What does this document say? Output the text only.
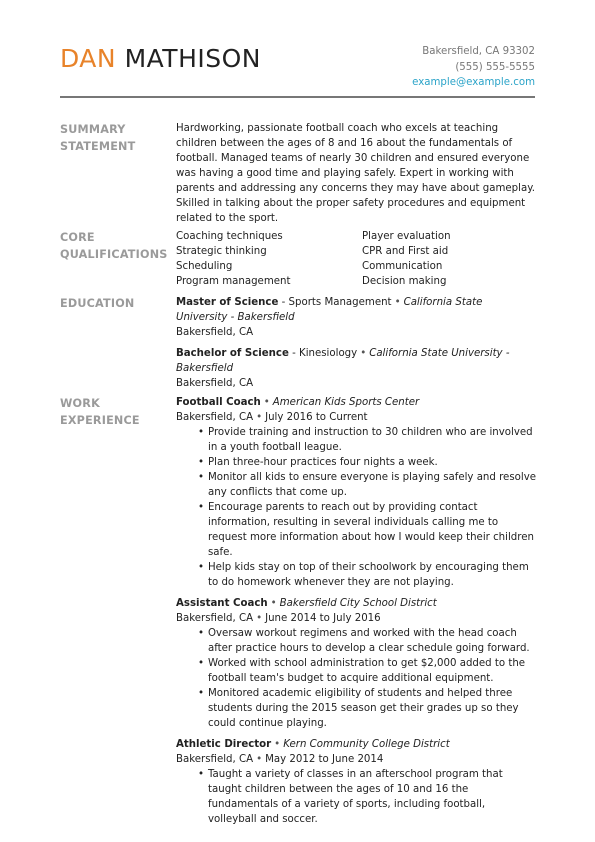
DAN MATHISON	Bakersfield, CA 93302
(555) 555-5555
example@example.com
SUMMARY STATEMENT

Hardworking, passionate football coach who excels at teaching children between the ages of 8 and 16 about the fundamentals of football. Managed teams of nearly 30 children and ensured everyone was having a good time and playing safely. Expert in working with parents and addressing any concerns they may have about gameplay. Skilled in talking about the proper safety procedures and equipment related to the sport.

CORE QUALIFICATIONS
Coaching techniques	Player evaluation
Strategic thinking	CPR and First aid
Scheduling	Communication
Program management	Decision making
EDUCATION	Master of Science - Sports Management • California State University - Bakersfield
Bakersfield, CA
Bachelor of Science - Kinesiology • California State University - Bakersfield
Bakersfield, CA
WORK EXPERIENCE
Football Coach • American Kids Sports Center
Bakersfield, CA • July 2016 to Current
• Provide training and instruction to 30 children who are involved in a youth football league.
• Plan three-hour practices four nights a week.
• Monitor all kids to ensure everyone is playing safely and resolve any conflicts that come up.
• Encourage parents to reach out by providing contact information, resulting in several individuals calling me to request more information about how I would keep their children safe.
• Help kids stay on top of their schoolwork by encouraging them to do homework whenever they are not playing.
Assistant Coach • Bakersfield City School District
Bakersfield, CA • June 2014 to July 2016
• Oversaw workout regimens and worked with the head coach after practice hours to develop a clear schedule going forward.
• Worked with school administration to get $2,000 added to the football team's budget to acquire additional equipment.
• Monitored academic eligibility of students and helped three students during the 2015 season get their grades up so they could continue playing.
Athletic Director • Kern Community College District
Bakersfield, CA • May 2012 to June 2014
• Taught a variety of classes in an afterschool program that taught children between the ages of 10 and 16 the fundamentals of a variety of sports, including football, volleyball and soccer.
